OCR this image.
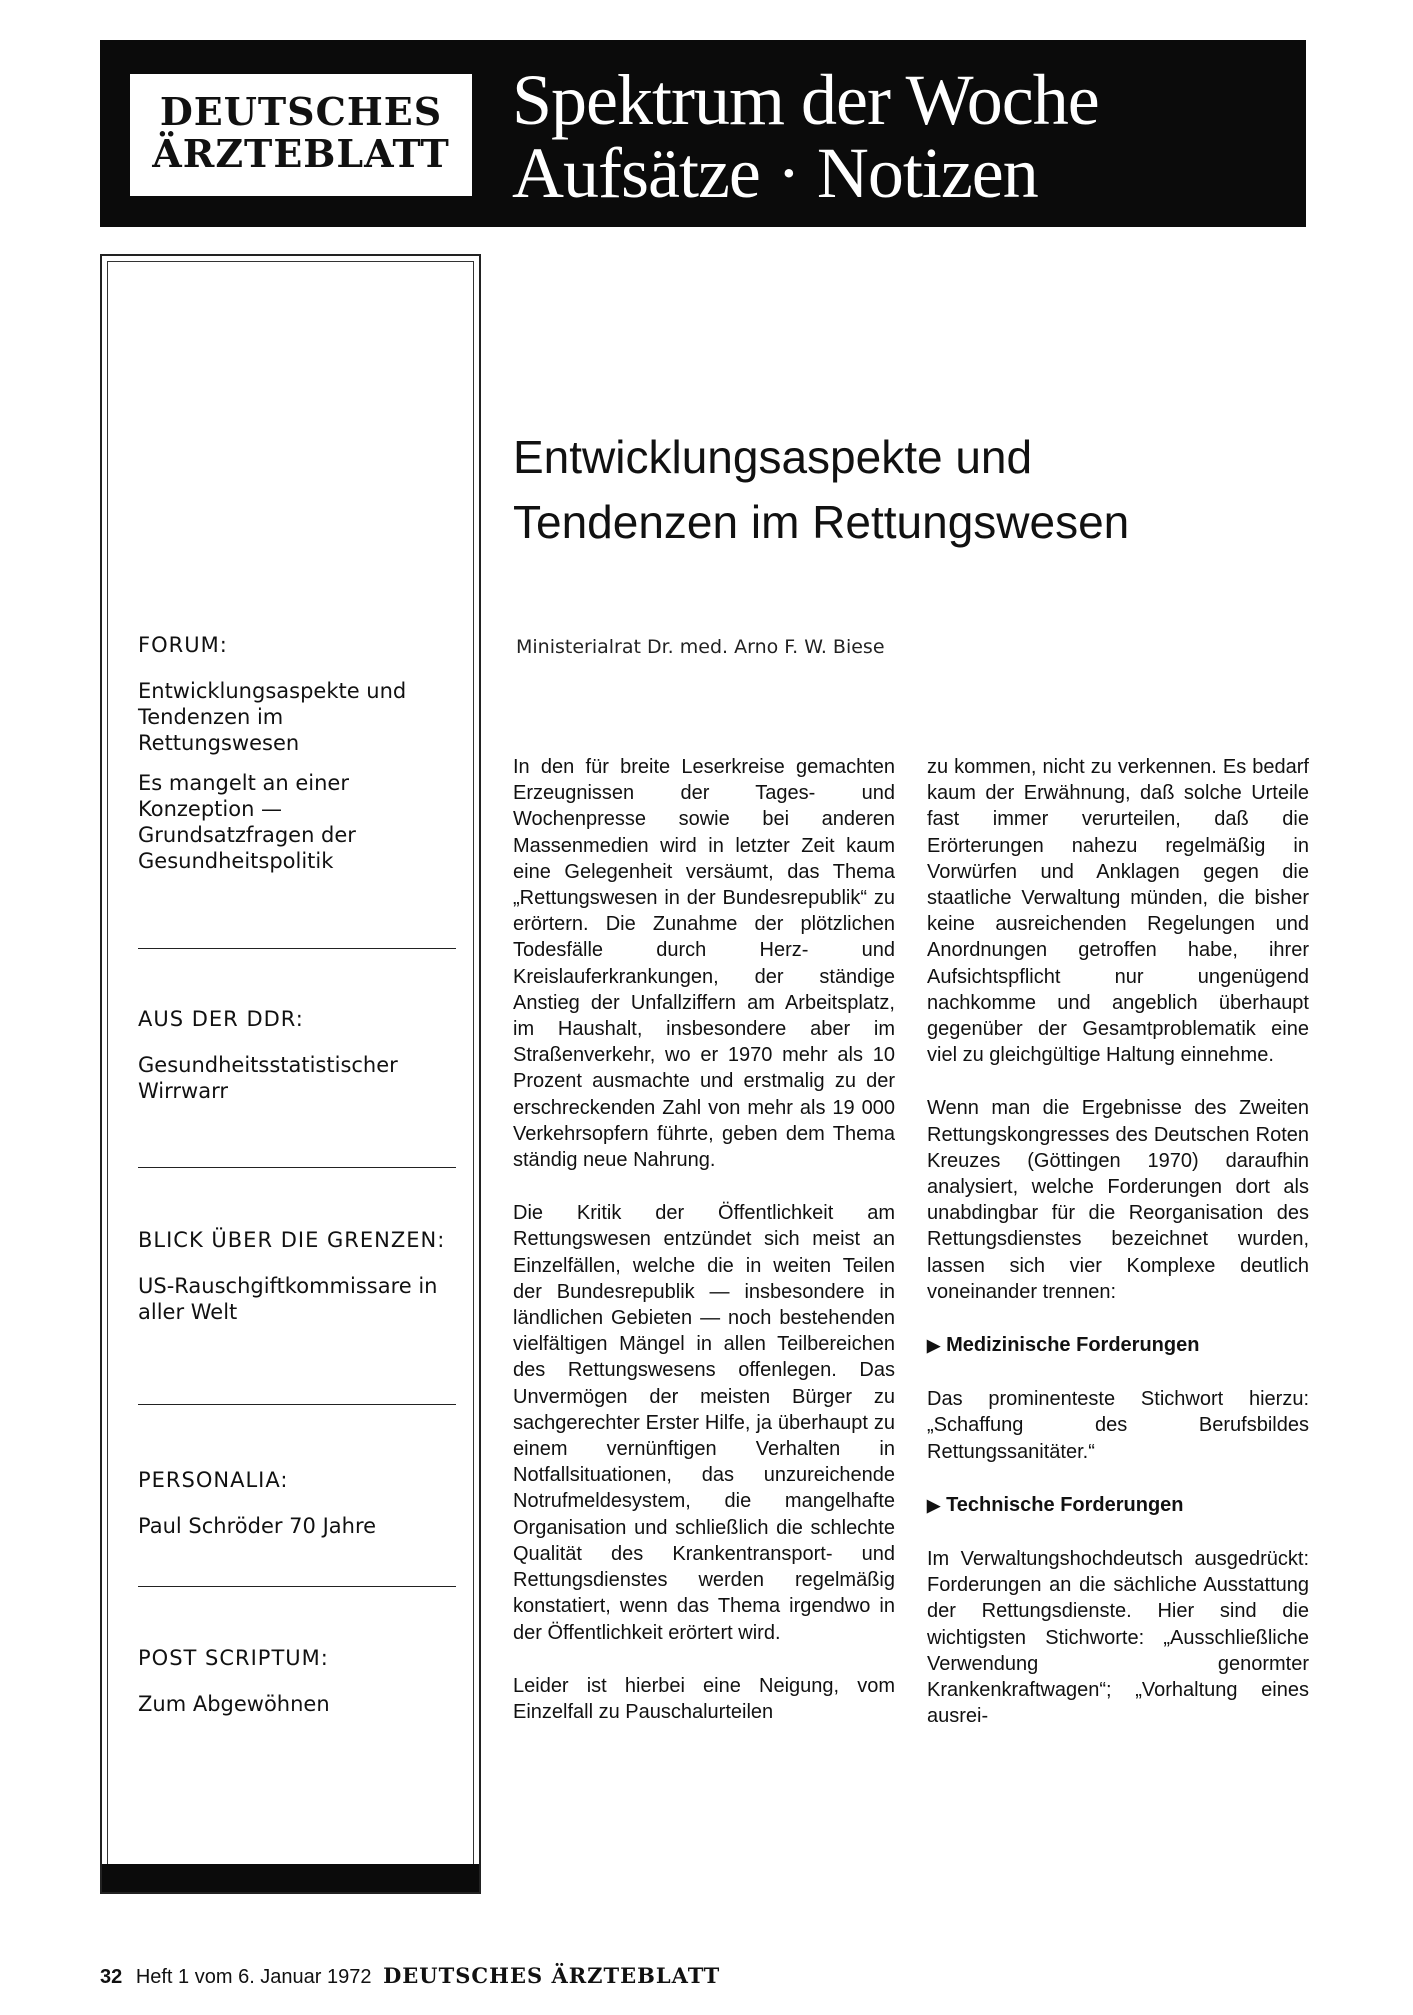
DEUTSCHES
ÄRZTEBLATT
Spektrum der Woche
Aufsätze · Notizen
FORUM:
Entwicklungsaspekte und Tendenzen im Rettungswesen
Es mangelt an einer Konzeption — Grundsatzfragen der Gesundheitspolitik
AUS DER DDR:
Gesundheitsstatistischer Wirrwarr
BLICK ÜBER DIE GRENZEN:
US-Rauschgiftkommissare in aller Welt
PERSONALIA:
Paul Schröder 70 Jahre
POST SCRIPTUM:
Zum Abgewöhnen
Entwicklungsaspekte und
Tendenzen im Rettungswesen
Ministerialrat Dr. med. Arno F. W. Biese

In den für breite Leserkreise gemachten Erzeugnissen der Tages- und Wochenpresse sowie bei anderen Massenmedien wird in letzter Zeit kaum eine Gelegenheit versäumt, das Thema „Rettungswesen in der Bundesrepublik“ zu erörtern. Die Zunahme der plötzlichen Todesfälle durch Herz- und Kreislauferkrankungen, der ständige Anstieg der Unfallziffern am Arbeitsplatz, im Haushalt, insbesondere aber im Straßenverkehr, wo er 1970 mehr als 10 Prozent ausmachte und erstmalig zu der erschreckenden Zahl von mehr als 19 000 Verkehrsopfern führte, geben dem Thema ständig neue Nahrung.

Die Kritik der Öffentlichkeit am Rettungswesen entzündet sich meist an Einzelfällen, welche die in weiten Teilen der Bundesrepublik — insbesondere in ländlichen Gebieten — noch bestehenden vielfältigen Mängel in allen Teilbereichen des Rettungswesens offenlegen. Das Unvermögen der meisten Bürger zu sachgerechter Erster Hilfe, ja überhaupt zu einem vernünftigen Verhalten in Notfallsituationen, das unzureichende Notrufmeldesystem, die mangelhafte Organisation und schließlich die schlechte Qualität des Krankentransport- und Rettungsdienstes werden regelmäßig konstatiert, wenn das Thema irgendwo in der Öffentlichkeit erörtert wird.

Leider ist hierbei eine Neigung, vom Einzelfall zu Pauschalurteilen

zu kommen, nicht zu verkennen. Es bedarf kaum der Erwähnung, daß solche Urteile fast immer verurteilen, daß die Erörterungen nahezu regelmäßig in Vorwürfen und Anklagen gegen die staatliche Verwaltung münden, die bisher keine ausreichenden Regelungen und Anordnungen getroffen habe, ihrer Aufsichtspflicht nur ungenügend nachkomme und angeblich überhaupt gegenüber der Gesamtproblematik eine viel zu gleichgültige Haltung einnehme.

Wenn man die Ergebnisse des Zweiten Rettungskongresses des Deutschen Roten Kreuzes (Göttingen 1970) daraufhin analysiert, welche Forderungen dort als unabdingbar für die Reorganisation des Rettungsdienstes bezeichnet wurden, lassen sich vier Komplexe deutlich voneinander trennen:

▶ Medizinische Forderungen

Das prominenteste Stichwort hierzu: „Schaffung des Berufsbildes Rettungssanitäter.“

▶ Technische Forderungen

Im Verwaltungshochdeutsch ausgedrückt: Forderungen an die sächliche Ausstattung der Rettungsdienste. Hier sind die wichtigsten Stichworte: „Ausschließliche Verwendung genormter Krankenkraftwagen“; „Vorhaltung eines ausrei-

32 Heft 1 vom 6. Januar 1972 DEUTSCHES ÄRZTEBLATT
